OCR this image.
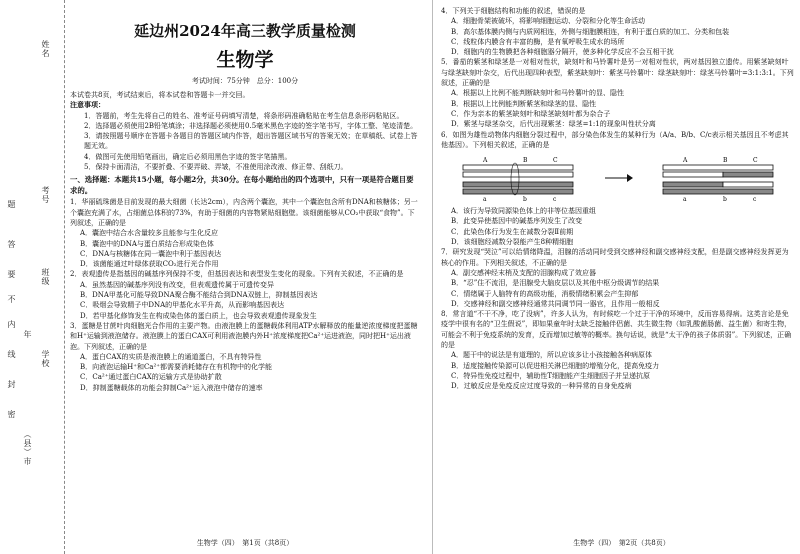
姓名
考号
班级
学校
年
（县）市
题
答
要
不
内
线
封
密
延边州2024年高三教学质量检测
生物学
考试时间：75分钟　总分：100分

本试卷共8页，考试结束后，将本试卷和答题卡一并交回。

注意事项：

1．答题前，考生先将自己的姓名、准考证号码填写清楚，将条形码准确粘贴在考生信息条形码粘贴区。

2．选择题必须使用2B铅笔填涂；非选择题必须使用0.5毫米黑色字迹的签字笔书写，字体工整、笔迹清楚。

3．请按照题号顺序在答题卡各题目的答题区域内作答，超出答题区域书写的答案无效；在草稿纸、试卷上答题无效。

4．做图可先使用铅笔画出，确定后必须用黑色字迹的签字笔描黑。

5．保持卡面清洁，不要折叠、不要弄破、弄皱，不准使用涂改液、修正带、刮纸刀。

一、选择题：本题共15小题，每小题2分，共30分。在每小题给出的四个选项中，只有一项是符合题目要求的。

1．华丽硫珠菌是目前发现的最大细菌（长达2cm），内含两个囊泡，其中一个囊泡包含所有DNA和核糖体；另一个囊泡充满了水，占细菌总体积的73%，有助于细菌的内容物紧贴细胞壁。该细菌能够从CO₂中获取“食物”。下列叙述，正确的是

A．囊泡中结合水含量较多且能参与生化反应

B．囊泡中的DNA与蛋白质结合形成染色体

C．DNA与核糖体在同一囊泡中利于基因表达

D．该菌能通过叶绿体获取CO₂进行光合作用

2．表观遗传是指基因的碱基序列保持不变，但基因表达和表型发生变化的现象。下列有关叙述，不正确的是

A．虽然基因的碱基序列没有改变，但表观遗传属于可遗传变异

B．DNA甲基化可能导致DNA聚合酶不能结合到DNA双链上，抑制基因表达

C．吸烟会导致精子中DNA的甲基化水平升高，从而影响基因表达

D．若甲基化修饰发生在构成染色体的蛋白质上，也会导致表观遗传现象发生

3．蛋糖是甘蔗叶肉细胞光合作用的主要产物。由液泡膜上的蛋糖载体利用ATP水解释放的能量逆浓度梯度把蛋糖和H⁺运输到液泡储存。液泡膜上的蛋白CAX可利用液泡膜内外H⁺浓度梯度把Ca²⁺运进液泡，同时把H⁺运出液泡。下列叙述，正确的是

A．蛋白CAX的实质是液泡膜上的通道蛋白，不具有特异性

B．向液泡运输H⁺和Ca²⁺都需要消耗储存在有机物中的化学能

C．Ca²⁺通过蛋白CAX的运输方式是协助扩散

D．抑制蛋糖载体的功能会抑制Ca²⁺运入液泡中储存的速率

生物学（四）　第1页（共8页）

4．下列关于细胞结构和功能的叙述，错误的是

A．细胞骨架被破坏，将影响细胞运动、分裂和分化等生命活动

B．高尔基体膜内侧与内质网相连，外侧与细胞膜相连，有利于蛋白质的加工、分类和包装

C．线粒体内膜含有丰富的酶，是有氧呼吸生成水的场所

D．细胞内的生物膜把各种细胞器分隔开，使多种化学反应不会互相干扰

5．番茄的紫茎和绿茎是一对相对性状，缺刻叶和马铃薯叶是另一对相对性状，两对基因独立遗传。用紫茎缺刻叶与绿茎缺刻叶杂交，后代出现四种表型，紫茎缺刻叶：紫茎马铃薯叶：绿茎缺刻叶：绿茎马铃薯叶=3:1:3:1。下列叙述，正确的是

A．根据以上比例不能判断缺刻叶和马铃薯叶的显、隐性

B．根据以上比例能判断紫茎和绿茎的显、隐性

C．作为亲本的紫茎缺刻叶和绿茎缺刻叶都为杂合子

D．紫茎与绿茎杂交，后代出现紫茎：绿茎=1:1的现象叫性状分离

6．如图为雄性动物体内细胞分裂过程中，部分染色体发生的某种行为（A/a、B/b、C/c表示相关基因且不考虑其他基因）。下列相关叙述，正确的是

A	B	C
a	b	c
A	B	C
a	b	c

A．该行为导致同源染色体上的非等位基因重组

B．此变异使基因中的碱基序列发生了改变

C．此染色体行为发生在减数分裂Ⅱ前期

D．该细胞经减数分裂能产生8种精细胞

7．研究发现“哭泣”可以给情绪降温，泪腺的活动同时受到交感神经和副交感神经支配，但是副交感神经发挥更为核心的作用。下列相关叙述，不正确的是

A．副交感神经末梢及支配的泪腺构成了效应器

B．“忍”住不流泪，是泪腺受大脑皮层以及其他中枢分级调节的结果

C．情绪属于人脑特有的高级功能，消极情绪积累会产生抑郁

D．交感神经和副交感神经通常共同调节同一器官，且作用一般相反

8．常言道“不干不净，吃了没病”，许多人认为，有时候吃一个过于干净的环境中，反而容易得病。这类言论是免疫学中很有名的“卫生假说”，即如果童年时太缺乏接触伴侣菌、共生微生物（如乳酸菌肠菌、益生菌）和寄生物，可能会不利于免疫系统的发育，反而增加过敏等的概率。换句话说，就是“太干净的孩子体质弱”。下列叙述，正确的是

A．题干中的说法是有道理的，所以应该多让小孩接触各种病原体

B．适度接触传染源可以促进相关淋巴细胞的增殖分化，提高免疫力

C．特异性免疫过程中，辅助性T细胞能产生细胞因子并呈递抗原

D．过敏反应是免疫反应过度导致的一种异常的自身免疫病

生物学（四）　第2页（共8页）
